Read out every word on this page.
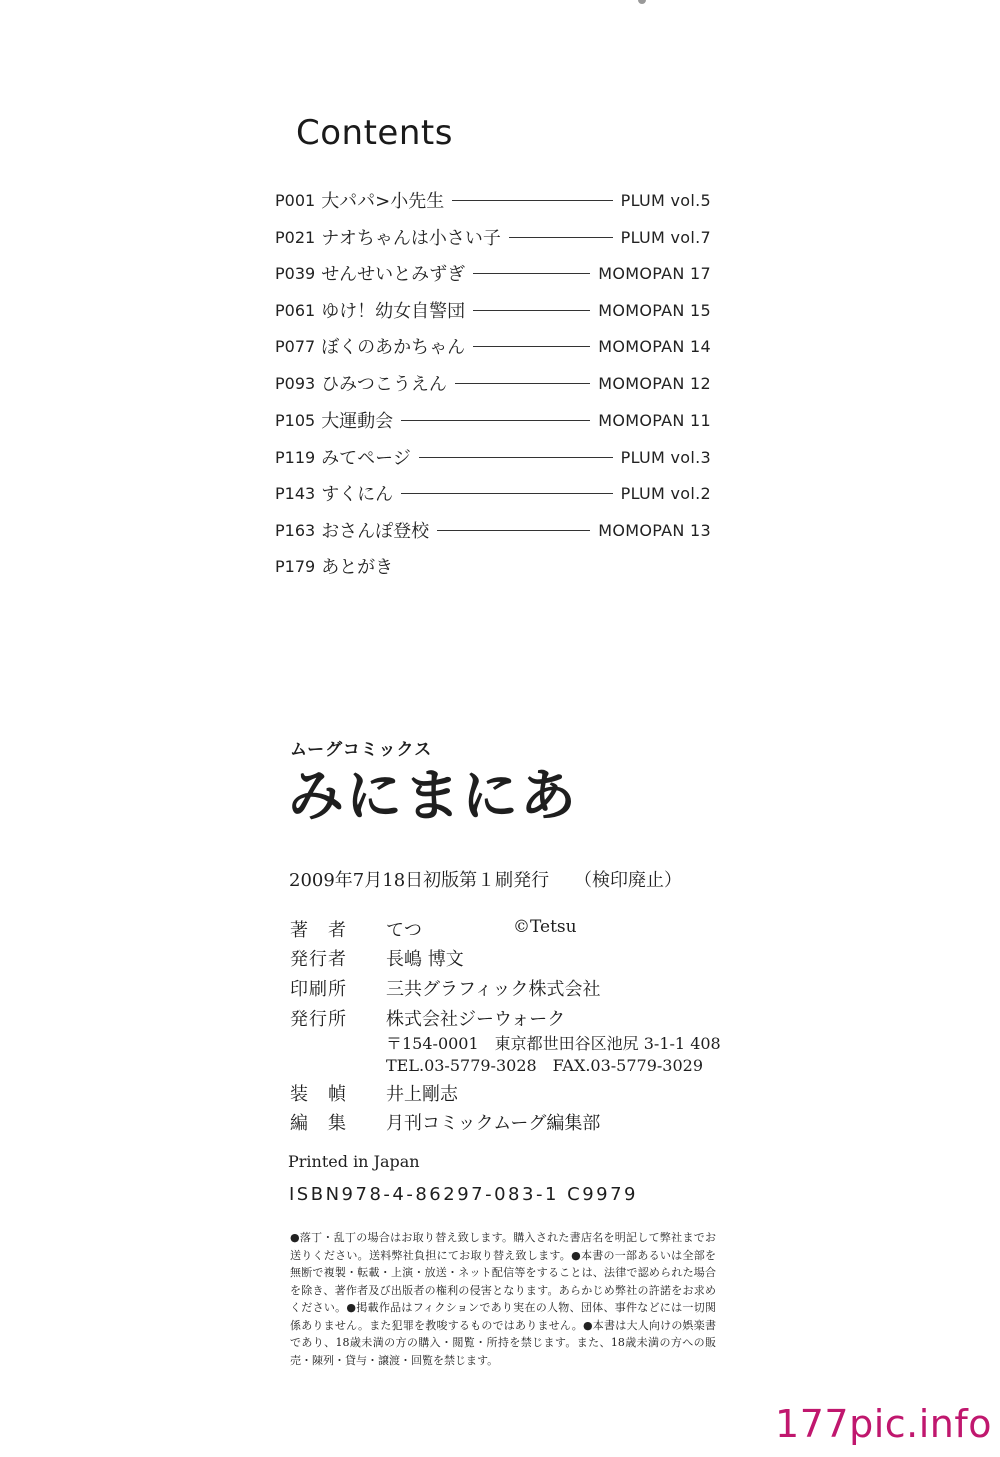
Contents
P001 大パパ>小先生	PLUM vol.5
P021 ナオちゃんは小さい子	PLUM vol.7
P039 せんせいとみずぎ	MOMOPAN 17
P061 ゆけ！幼女自警団	MOMOPAN 15
P077 ぼくのあかちゃん	MOMOPAN 14
P093 ひみつこうえん	MOMOPAN 12
P105 大運動会	MOMOPAN 11
P119 みてページ	PLUM vol.3
P143 すくにん	PLUM vol.2
P163 おさんぽ登校	MOMOPAN 13
P179 あとがき
ムーグコミックス
みにまにあ
2009年7月18日初版第１刷発行 （検印廃止）
著　者 てつ	©Tetsu
発行者 長嶋 博文
印刷所 三共グラフィック株式会社
発行所 株式会社ジーウォーク
〒154-0001　東京都世田谷区池尻 3-1-1 408
TEL.03-5779-3028　FAX.03-5779-3029
装　幀 井上剛志
編　集 月刊コミックムーグ編集部
Printed in Japan
ISBN978-4-86297-083-1 C9979
●落丁・乱丁の場合はお取り替え致します。購入された書店名を明記して弊社までお送りください。送料弊社負担にてお取り替え致します。●本書の一部あるいは全部を無断で複製・転載・上演・放送・ネット配信等をすることは、法律で認められた場合を除き、著作者及び出版者の権利の侵害となります。あらかじめ弊社の許諾をお求めください。●掲載作品はフィクションであり実在の人物、団体、事件などには一切関係ありません。また犯罪を教唆するものではありません。●本書は大人向けの娯楽書であり、18歳未満の方の購入・閲覧・所持を禁じます。また、18歳未満の方への販売・陳列・貸与・譲渡・回覧を禁じます。
177pic.info
